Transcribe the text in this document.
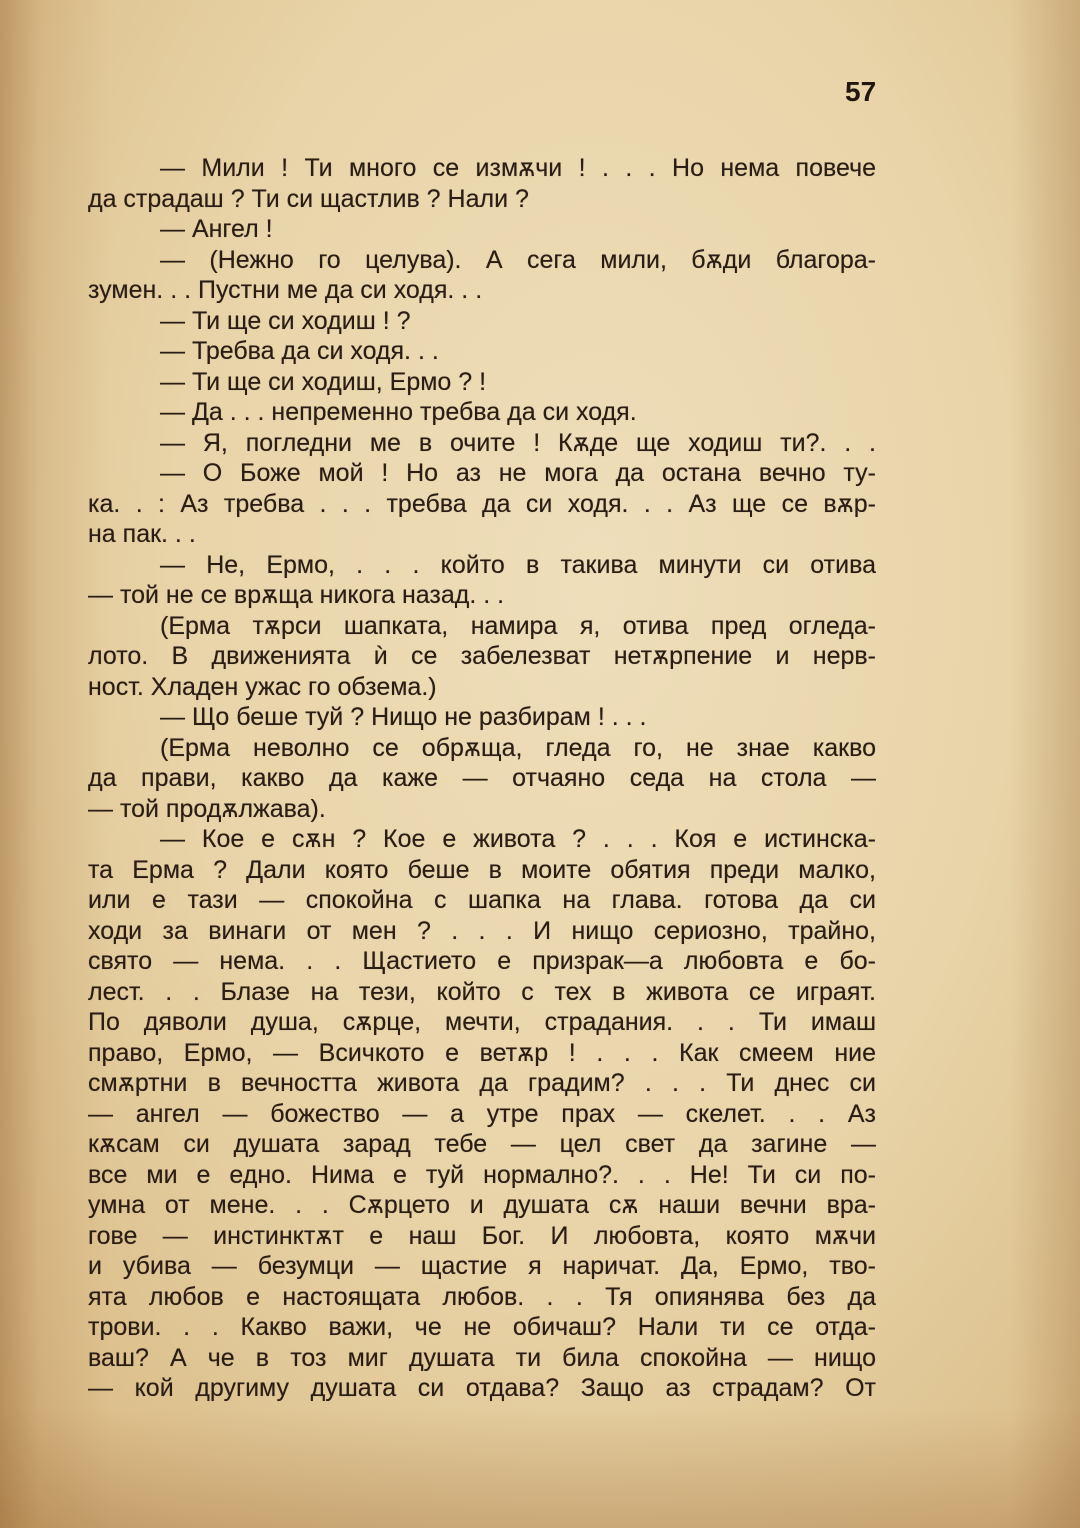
57
— Мили ! Ти много се измѫчи ! . . . Но нема повече
да страдаш ? Ти си щастлив ? Нали ?
— Ангел !
— (Нежно го целува). А сега мили, бѫди благора-
зумен. . . Пустни ме да си ходя. . .
— Ти ще си ходиш ! ?
— Требва да си ходя. . .
— Ти ще си ходиш, Ермо ? !
— Да . . . непременно требва да си ходя.
— Я, погледни ме в очите ! Кѫде ще ходиш ти?. . .
— О Боже мой ! Но аз не мога да остана вечно ту-
ка. . : Аз требва . . . требва да си ходя. . . Аз ще се вѫр-
на пак. . .
— Не, Ермо, . . . който в такива минути си отива
— той не се врѫща никога назад. . .
(Ерма тѫрси шапката, намира я, отива пред огледа-
лото. В движенията ѝ се забелезват нетѫрпение и нерв-
ност. Хладен ужас го обзема.)
— Що беше туй ? Нищо не разбирам ! . . .
(Ерма неволно се обрѫща, гледа го, не знае какво
да прави, какво да каже — отчаяно седа на стола —
— той продѫлжава).
— Кое е сѫн ? Кое е живота ? . . . Коя е истинска-
та Ерма ? Дали която беше в моите обятия преди малко,
или е тази — спокойна с шапка на глава. готова да си
ходи за винаги от мен ? . . . И нищо сериозно, трайно,
свято — нема. . . Щастието е призрак—а любовта е бо-
лест. . . Блазе на тези, който с тех в живота се играят.
По дяволи душа, сѫрце, мечти, страдания. . . Ти имаш
право, Ермо, — Всичкото е ветѫр ! . . . Как смеем ние
смѫртни в вечността живота да градим? . . . Ти днес си
— ангел — божество — а утре прах — скелет. . . Аз
кѫсам си душата зарад тебе — цел свет да загине —
все ми е едно. Нима е туй нормално?. . . Не! Ти си по-
умна от мене. . . Сѫрцето и душата сѫ наши вечни вра-
гове — инстинктѫт е наш Бог. И любовта, която мѫчи
и убива — безумци — щастие я наричат. Да, Ермо, тво-
ята любов е настоящата любов. . . Тя опиянява без да
трови. . . Какво важи, че не обичаш? Нали ти се отда-
ваш? А че в тоз миг душата ти била спокойна — нищо
— кой другиму душата си отдава? Защо аз страдам? От
